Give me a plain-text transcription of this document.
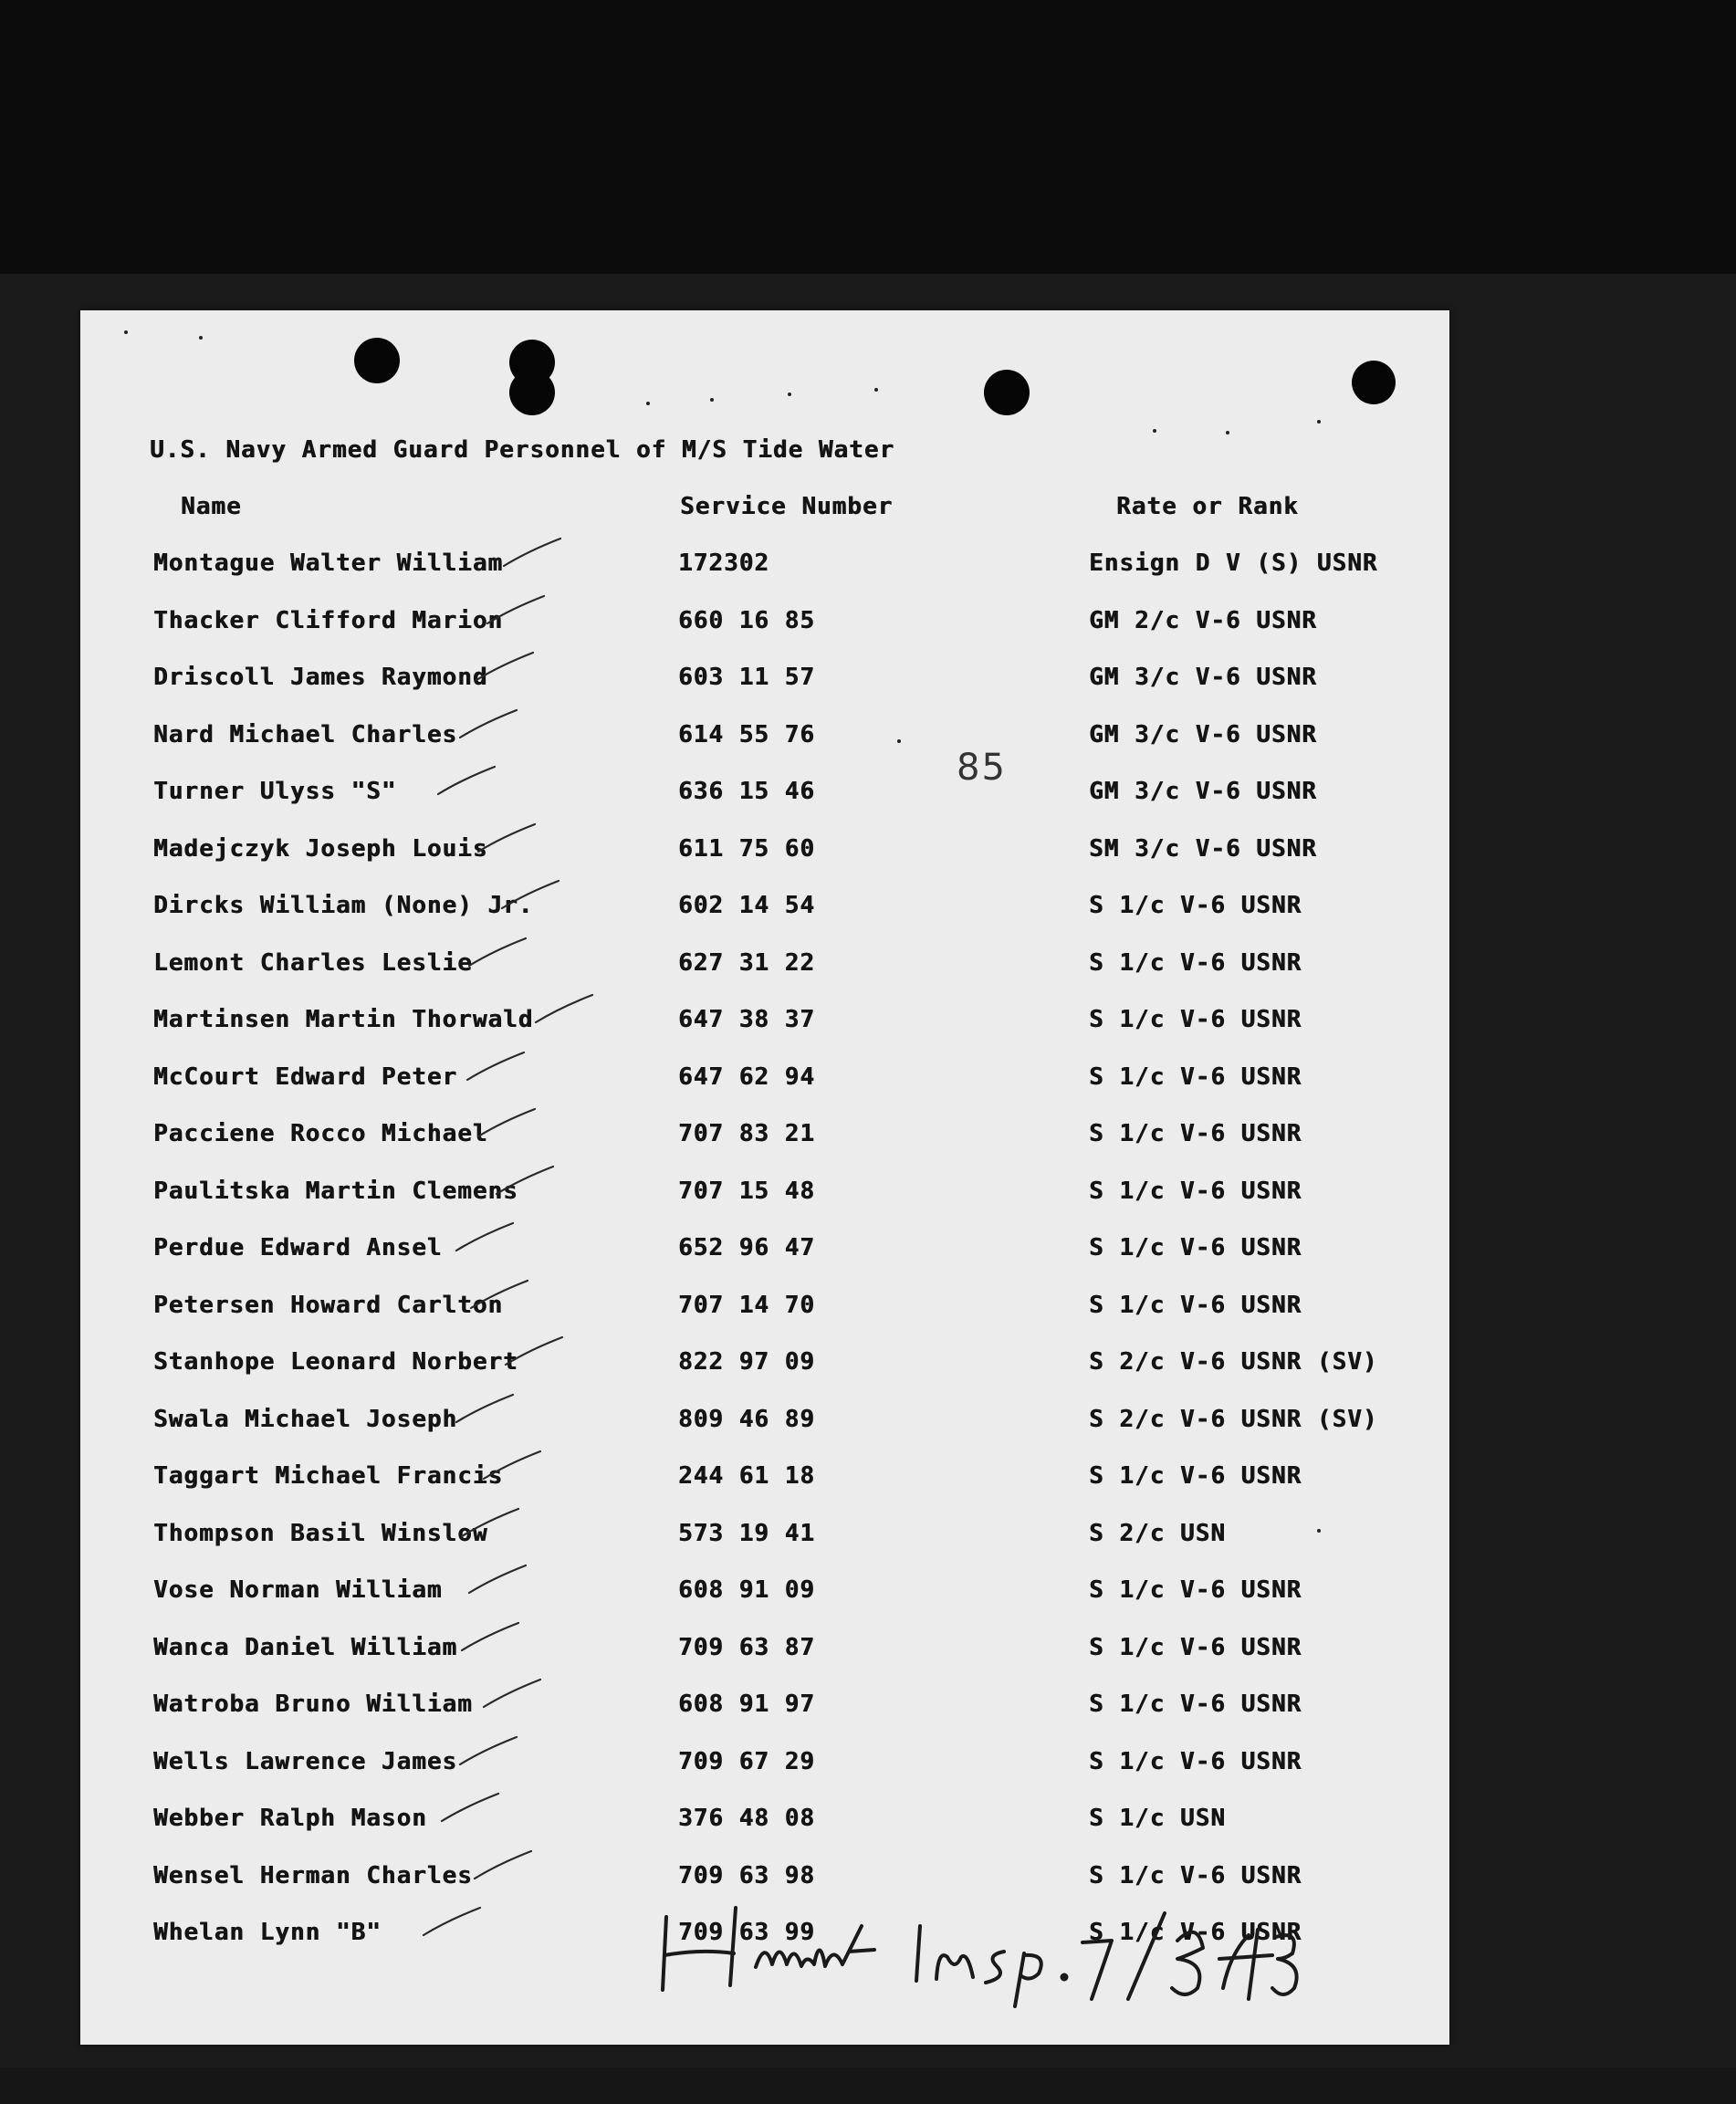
U.S. Navy Armed Guard Personnel of M/S Tide Water
Name	Service Number	Rate or Rank
Montague Walter William	172302	Ensign D V (S) USNR
Thacker Clifford Marion	660 16 85	GM 2/c V-6 USNR
Driscoll James Raymond	603 11 57	GM 3/c V-6 USNR
Nard Michael Charles	614 55 76	GM 3/c V-6 USNR
Turner Ulyss "S"	636 15 46	GM 3/c V-6 USNR
Madejczyk Joseph Louis	611 75 60	SM 3/c V-6 USNR
Dircks William (None) Jr.	602 14 54	S 1/c V-6 USNR
Lemont Charles Leslie	627 31 22	S 1/c V-6 USNR
Martinsen Martin Thorwald	647 38 37	S 1/c V-6 USNR
McCourt Edward Peter	647 62 94	S 1/c V-6 USNR
Pacciene Rocco Michael	707 83 21	S 1/c V-6 USNR
Paulitska Martin Clemens	707 15 48	S 1/c V-6 USNR
Perdue Edward Ansel	652 96 47	S 1/c V-6 USNR
Petersen Howard Carlton	707 14 70	S 1/c V-6 USNR
Stanhope Leonard Norbert	822 97 09	S 2/c V-6 USNR (SV)
Swala Michael Joseph	809 46 89	S 2/c V-6 USNR (SV)
Taggart Michael Francis	244 61 18	S 1/c V-6 USNR
Thompson Basil Winslow	573 19 41	S 2/c USN
Vose Norman William	608 91 09	S 1/c V-6 USNR
Wanca Daniel William	709 63 87	S 1/c V-6 USNR
Watroba Bruno William	608 91 97	S 1/c V-6 USNR
Wells Lawrence James	709 67 29	S 1/c V-6 USNR
Webber Ralph Mason	376 48 08	S 1/c USN
Wensel Herman Charles	709 63 98	S 1/c V-6 USNR
Whelan Lynn "B"	709 63 99	S 1/c V-6 USNR
85
